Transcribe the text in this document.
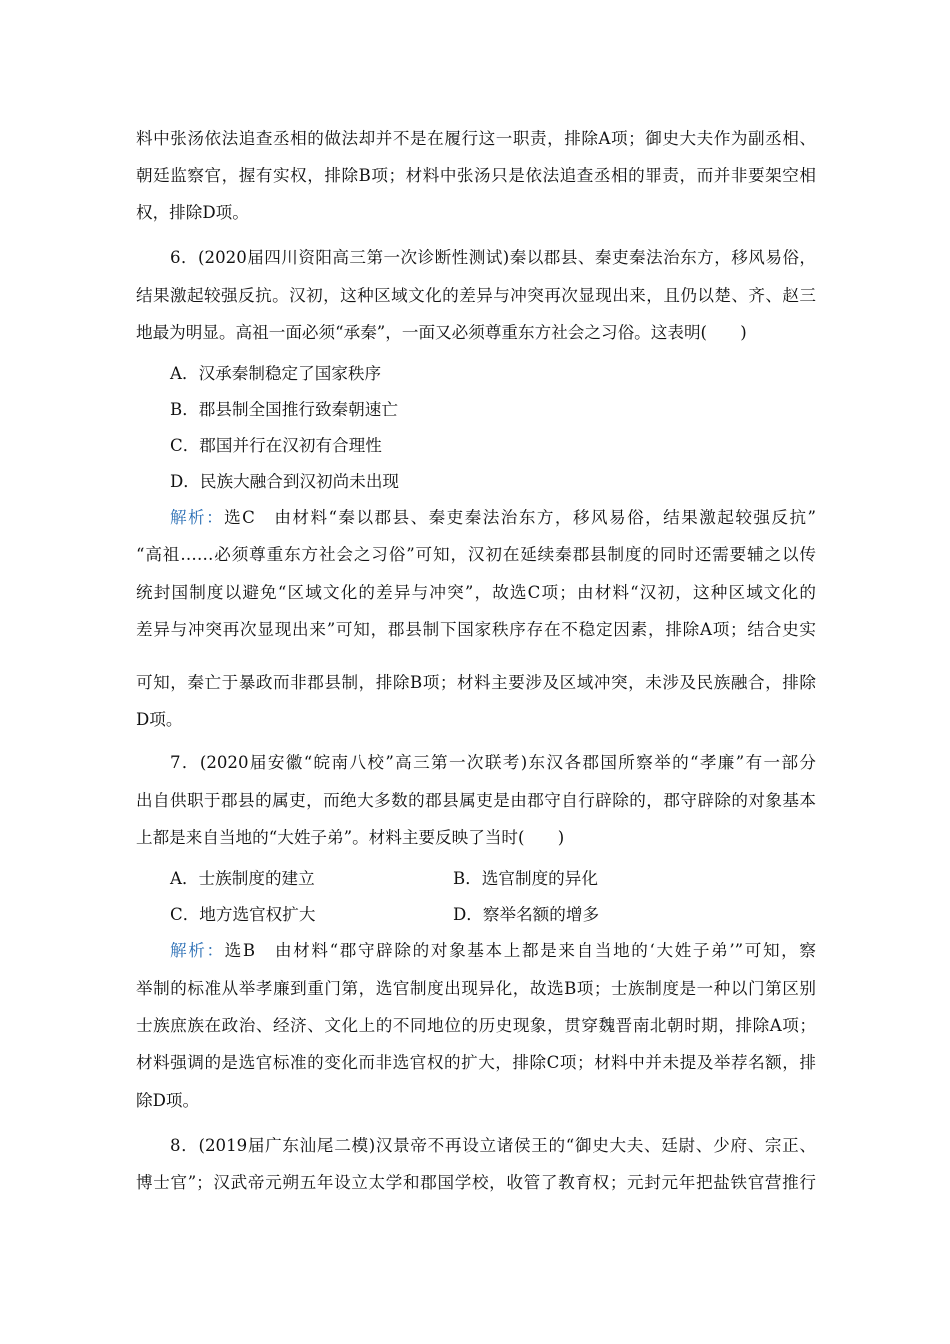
料中张汤依法追查丞相的做法却并不是在履行这一职责，排除A项；御史大夫作为副丞相、
朝廷监察官，握有实权，排除B项；材料中张汤只是依法追查丞相的罪责，而并非要架空相
权，排除D项。
6．(2020届四川资阳高三第一次诊断性测试)秦以郡县、秦吏秦法治东方，移风易俗，
结果激起较强反抗。汉初，这种区域文化的差异与冲突再次显现出来，且仍以楚、齐、赵三
地最为明显。高祖一面必须“承秦”，一面又必须尊重东方社会之习俗。这表明(　　)
A．汉承秦制稳定了国家秩序
B．郡县制全国推行致秦朝速亡
C．郡国并行在汉初有合理性
D．民族大融合到汉初尚未出现
解析：选C　由材料“秦以郡县、秦吏秦法治东方，移风易俗，结果激起较强反抗”
“高祖……必须尊重东方社会之习俗”可知，汉初在延续秦郡县制度的同时还需要辅之以传
统封国制度以避免“区域文化的差异与冲突”，故选C项；由材料“汉初，这种区域文化的
差异与冲突再次显现出来”可知，郡县制下国家秩序存在不稳定因素，排除A项；结合史实
可知，秦亡于暴政而非郡县制，排除B项；材料主要涉及区域冲突，未涉及民族融合，排除
D项。
7．(2020届安徽“皖南八校”高三第一次联考)东汉各郡国所察举的“孝廉”有一部分
出自供职于郡县的属吏，而绝大多数的郡县属吏是由郡守自行辟除的，郡守辟除的对象基本
上都是来自当地的“大姓子弟”。材料主要反映了当时(　　)
A．士族制度的建立	B．选官制度的异化
C．地方选官权扩大	D．察举名额的增多
解析：选B　由材料“郡守辟除的对象基本上都是来自当地的‘大姓子弟’”可知，察
举制的标准从举孝廉到重门第，选官制度出现异化，故选B项；士族制度是一种以门第区别
士族庶族在政治、经济、文化上的不同地位的历史现象，贯穿魏晋南北朝时期，排除A项；
材料强调的是选官标准的变化而非选官权的扩大，排除C项；材料中并未提及举荐名额，排
除D项。
8．(2019届广东汕尾二模)汉景帝不再设立诸侯王的“御史大夫、廷尉、少府、宗正、
博士官”；汉武帝元朔五年设立太学和郡国学校，收管了教育权；元封元年把盐铁官营推行
